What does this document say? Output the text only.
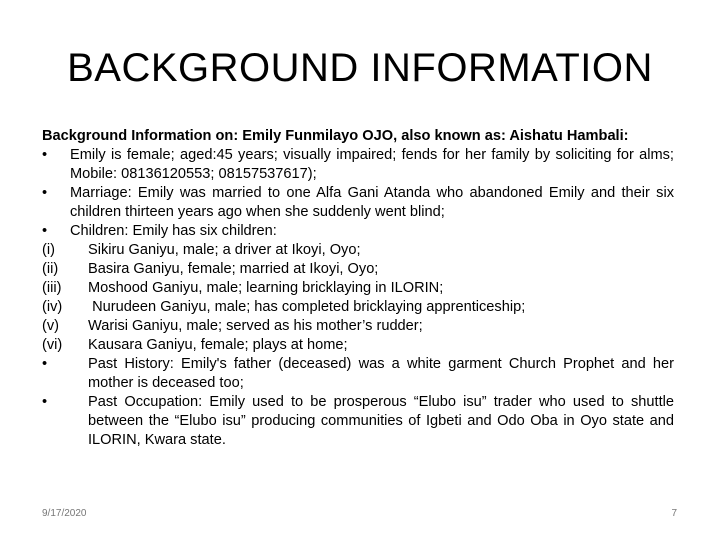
BACKGROUND INFORMATION
Background Information on: Emily Funmilayo OJO, also known as: Aishatu Hambali:
•	Emily is female; aged:45 years; visually impaired; fends for her family by soliciting for alms; Mobile: 08136120553; 08157537617);
•	Marriage: Emily was married to one Alfa Gani Atanda who abandoned Emily and their six children thirteen years ago when she suddenly went blind;
•	Children: Emily has six children:
(i)	Sikiru Ganiyu, male; a driver at Ikoyi, Oyo;
(ii)	Basira Ganiyu, female; married at Ikoyi, Oyo;
(iii)	Moshood Ganiyu, male; learning bricklaying in ILORIN;
(iv)	Nurudeen Ganiyu, male; has completed bricklaying apprenticeship;
(v)	Warisi Ganiyu, male; served as his mother’s rudder;
(vi)	Kausara Ganiyu, female; plays at home;
•	Past History: Emily's father (deceased) was a white garment Church Prophet and her mother is deceased too;
•	Past Occupation: Emily used to be prosperous “Elubo isu” trader who used to shuttle between the “Elubo isu” producing communities of Igbeti and Odo Oba in Oyo state and ILORIN, Kwara state.
9/17/2020	7
